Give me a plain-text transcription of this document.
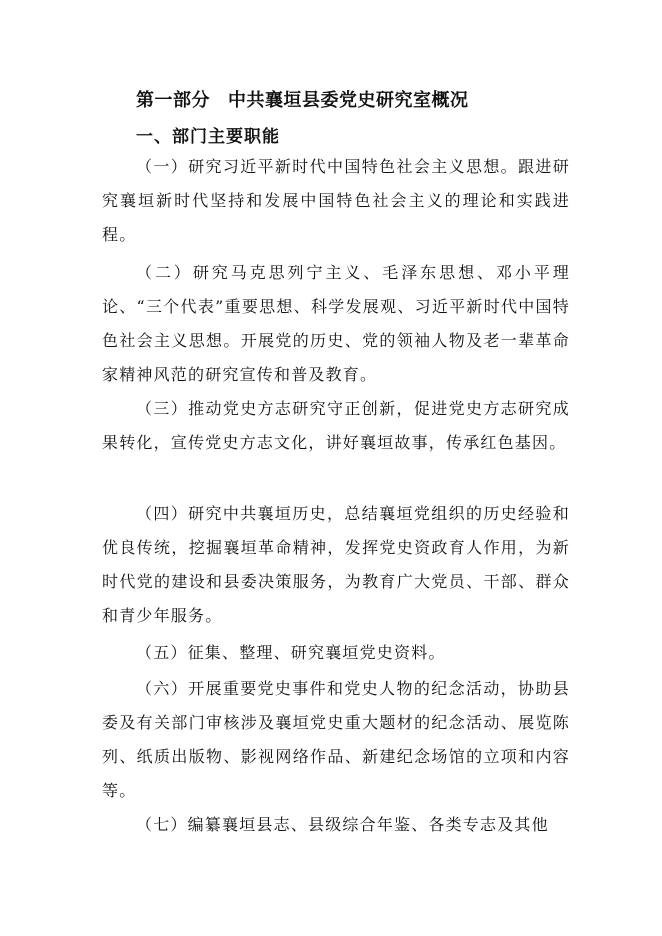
第一部分 中共襄垣县委党史研究室概况
一、部门主要职能

（一）研究习近平新时代中国特色社会主义思想。跟进研究襄垣新时代坚持和发展中国特色社会主义的理论和实践进程。

（二）研究马克思列宁主义、毛泽东思想、邓小平理论、“三个代表”重要思想、科学发展观、习近平新时代中国特色社会主义思想。开展党的历史、党的领袖人物及老一辈革命家精神风范的研究宣传和普及教育。

（三）推动党史方志研究守正创新，促进党史方志研究成果转化，宣传党史方志文化，讲好襄垣故事，传承红色基因。

（四）研究中共襄垣历史，总结襄垣党组织的历史经验和优良传统，挖掘襄垣革命精神，发挥党史资政育人作用，为新时代党的建设和县委决策服务，为教育广大党员、干部、群众和青少年服务。

（五）征集、整理、研究襄垣党史资料。

（六）开展重要党史事件和党史人物的纪念活动，协助县委及有关部门审核涉及襄垣党史重大题材的纪念活动、展览陈列、纸质出版物、影视网络作品、新建纪念场馆的立项和内容等。

（七）编纂襄垣县志、县级综合年鉴、各类专志及其他
